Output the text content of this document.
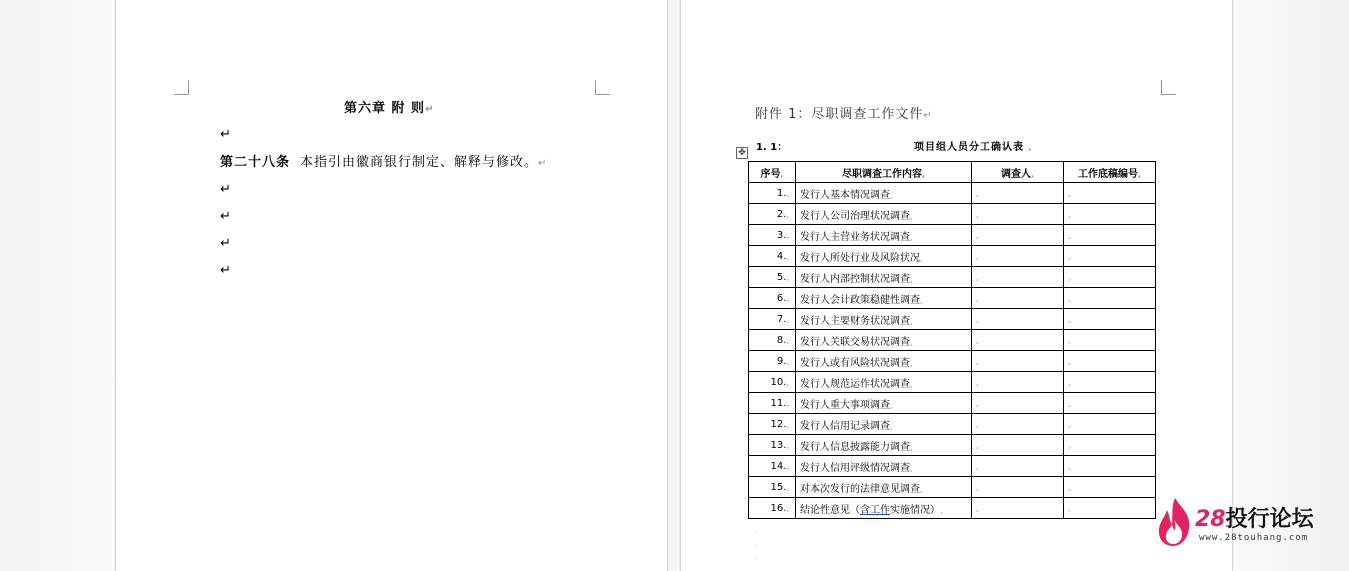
第六章 附 则↵
↵
第二十八条 本指引由徽商银行制定、解释与修改。↵
↵
↵
↵
↵
附件 1：尽职调查工作文件↵
1. 1：	项目组人员分工确认表 ,
✥
序号,	尽职调查工作内容,	调查人,	工作底稿编号,
1.,	发行人基本情况调查,	,	,
2.,	发行人公司治理状况调查,	,	,
3.,	发行人主营业务状况调查,	,	,
4.,	发行人所处行业及风险状况,	,	,
5.,	发行人内部控制状况调查,	,	,
6.,	发行人会计政策稳健性调查,	,	,
7.,	发行人主要财务状况调查,	,	,
8.,	发行人关联交易状况调查,	,	,
9.,	发行人或有风险状况调查,	,	,
10.,	发行人规范运作状况调查,	,	,
11.,	发行人重大事项调查,	,	,
12.,	发行人信用记录调查,	,	,
13.,	发行人信息披露能力调查,	,	,
14.,	发行人信用评级情况调查,	,	,
15.,	对本次发行的法律意见调查,	,	,
16.,	结论性意见（含工作实施情况）,	,	,
,
,
,
28投行论坛
www.28touhang.com
